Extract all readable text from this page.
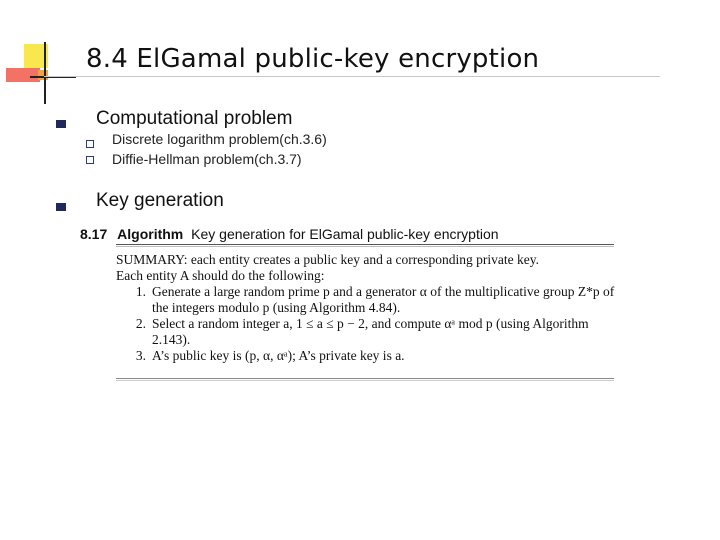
8.4 ElGamal public-key encryption
Computational problem
Discrete logarithm problem(ch.3.6)
Diffie-Hellman problem(ch.3.7)
Key generation
8.17 Algorithm Key generation for ElGamal public-key encryption
SUMMARY: each entity creates a public key and a corresponding private key.
Each entity A should do the following:
1. Generate a large random prime p and a generator α of the multiplicative group Z*p of the integers modulo p (using Algorithm 4.84).
2. Select a random integer a, 1 ≤ a ≤ p − 2, and compute αᵃ mod p (using Algorithm 2.143).
3. A’s public key is (p, α, αᵃ); A’s private key is a.
